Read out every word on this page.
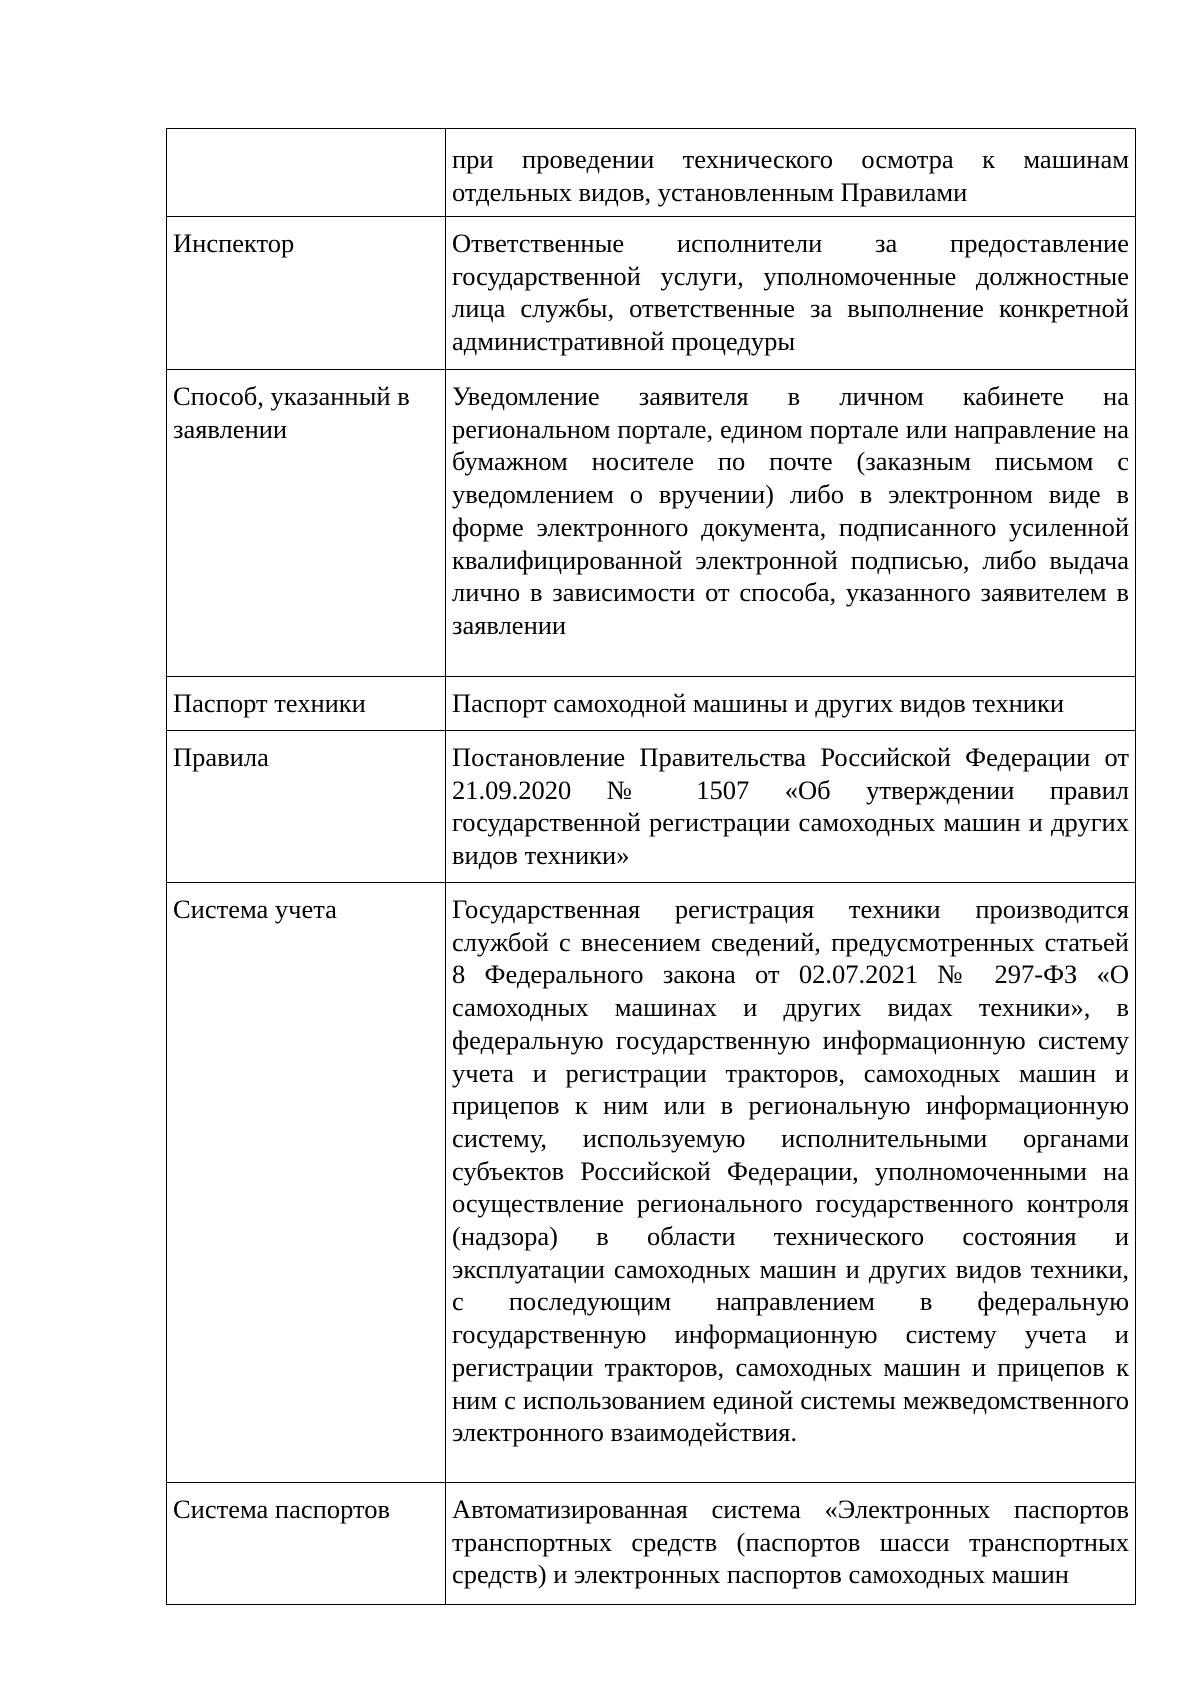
	при проведении технического осмотра к машинам отдельных видов, установленным Правилами
Инспектор	Ответственные исполнители за предоставление государственной услуги, уполномоченные должностные лица службы, ответственные за выполнение конкретной административной процедуры
Способ, указанный в заявлении	Уведомление заявителя в личном кабинете на региональном портале, едином портале или направление на бумажном носителе по почте (заказным письмом с уведомлением о вручении) либо в электронном виде в форме электронного документа, подписанного усиленной квалифицированной электронной подписью, либо выдача лично в зависимости от способа, указанного заявителем в заявлении
Паспорт техники	Паспорт самоходной машины и других видов техники
Правила	Постановление Правительства Российской Федерации от 21.09.2020 № 1507 «Об утверждении правил государственной регистрации самоходных машин и других видов техники»
Система учета	Государственная регистрация техники производится службой с внесением сведений, предусмотренных статьей 8 Федерального закона от 02.07.2021 № 297-ФЗ «О самоходных машинах и других видах техники», в федеральную государственную информационную систему учета и регистрации тракторов, самоходных машин и прицепов к ним или в региональную информационную систему, используемую исполнительными органами субъектов Российской Федерации, уполномоченными на осуществление регионального государственного контроля (надзора) в области технического состояния и эксплуатации самоходных машин и других видов техники, с последующим направлением в федеральную государственную информационную систему учета и регистрации тракторов, самоходных машин и прицепов к ним с использованием единой системы межведомственного электронного взаимодействия.
Система паспортов	Автоматизированная система «Электронных паспортов транспортных средств (паспортов шасси транспортных средств) и электронных паспортов самоходных машин
